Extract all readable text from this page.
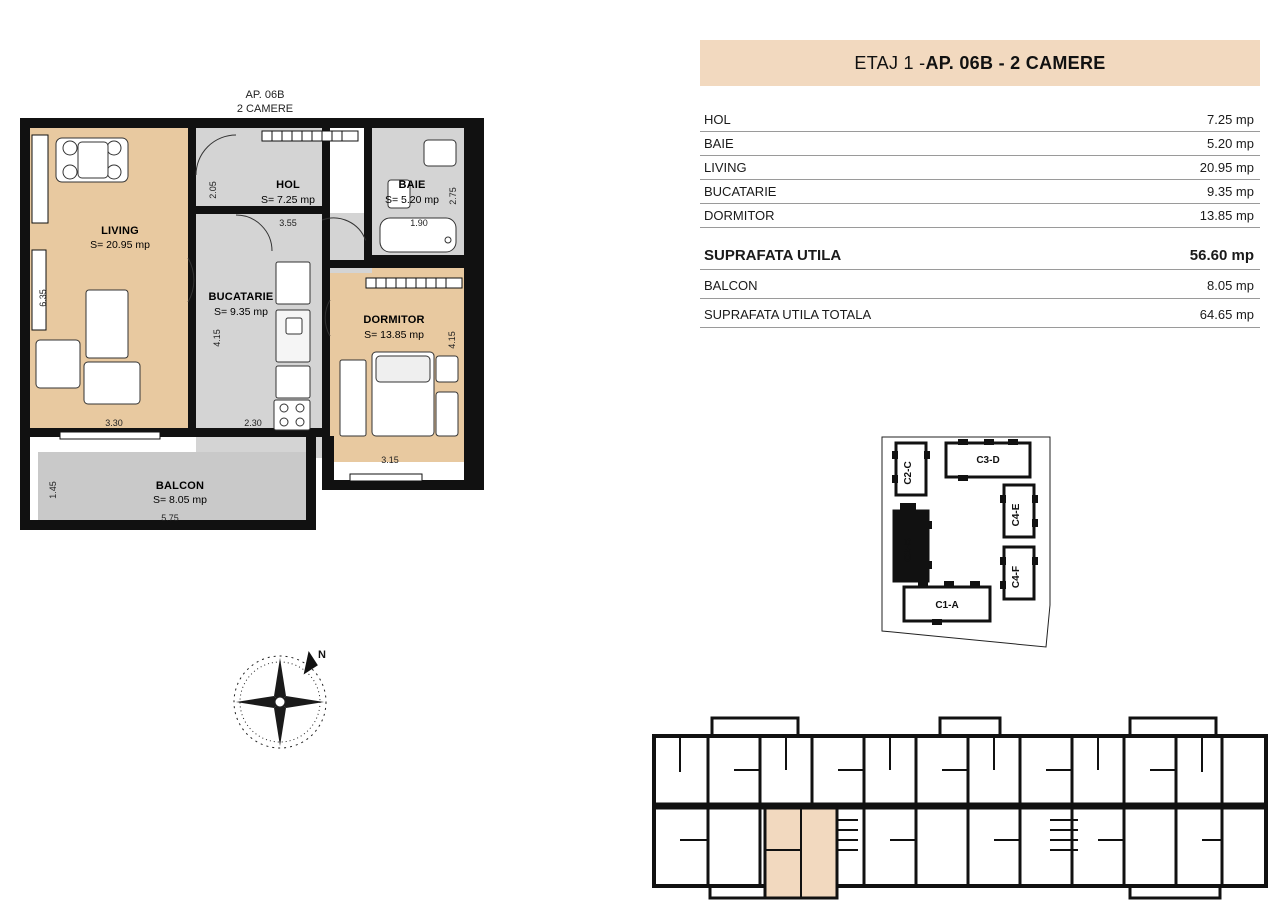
AP. 06B
2 CAMERE
2.05
3.55
2.75
1.90
6.35
3.30
4.15
2.30
4.15
3.15
1.45
5.75
LIVING
S= 20.95 mp
HOL
S= 7.25 mp
BAIE
S= 5.20 mp
BUCATARIE
S= 9.35 mp
DORMITOR
S= 13.85 mp
BALCON
S= 8.05 mp
N
ETAJ 1 - AP. 06B - 2 CAMERE
HOL	7.25 mp
BAIE	5.20 mp
LIVING	20.95 mp
BUCATARIE	9.35 mp
DORMITOR	13.85 mp

SUPRAFATA UTILA	56.60 mp
BALCON	8.05 mp
SUPRAFATA UTILA TOTALA	64.65 mp
C2-C
C3-D
C4-E
C2-B
C4-F
C1-A
